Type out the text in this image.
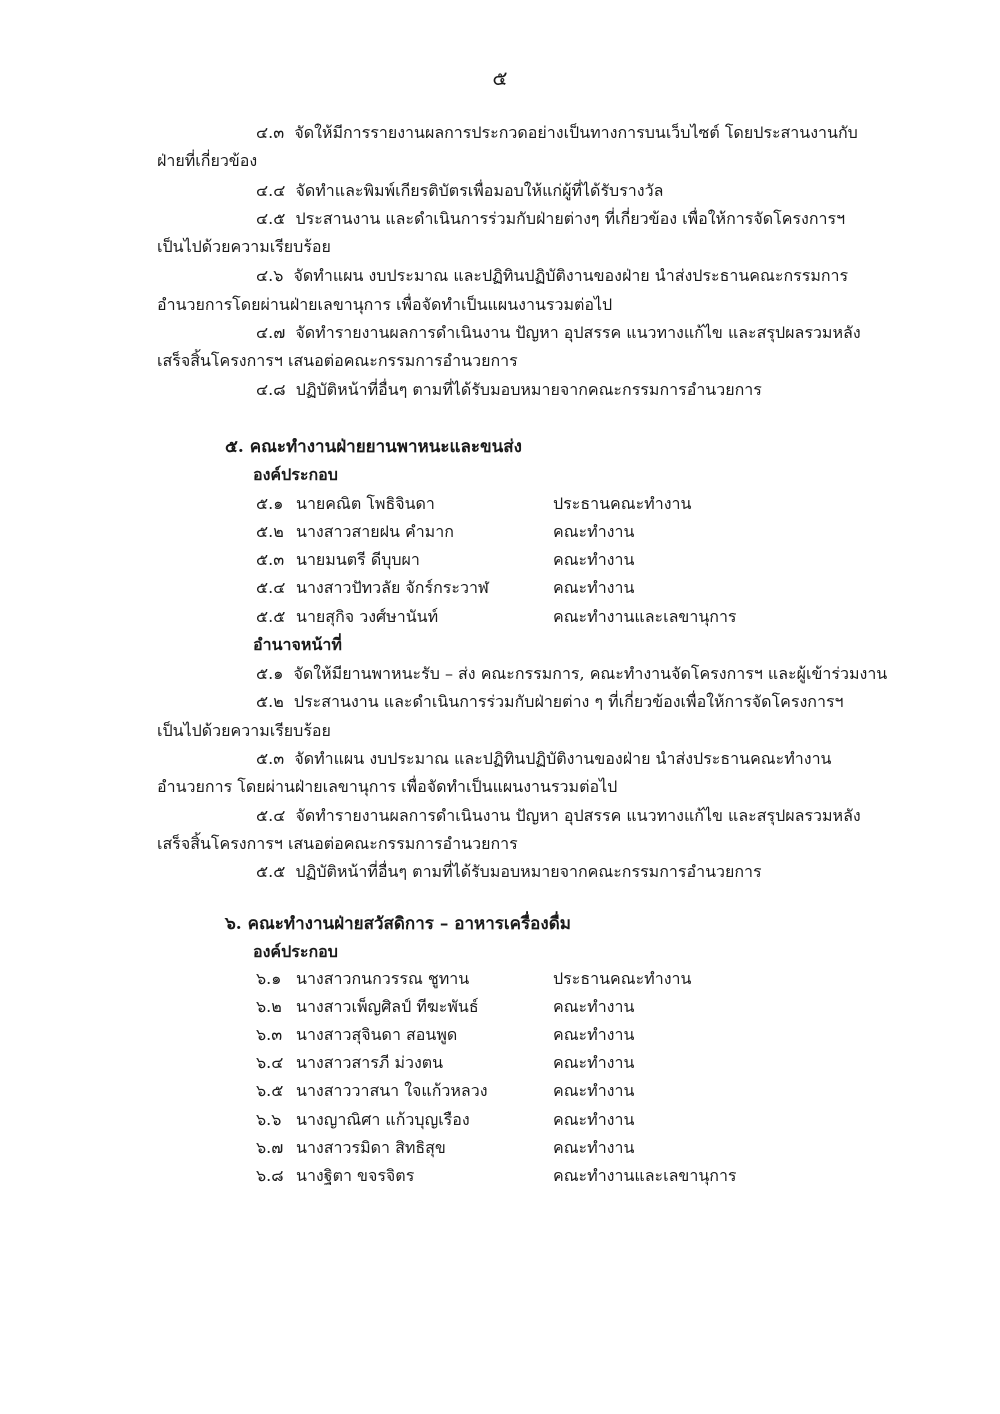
๕
๔.๓ จัดให้มีการรายงานผลการประกวดอย่างเป็นทางการบนเว็บไซต์ โดยประสานงานกับ
ฝ่ายที่เกี่ยวข้อง
๔.๔ จัดทำและพิมพ์เกียรติบัตรเพื่อมอบให้แก่ผู้ที่ได้รับรางวัล
๔.๕ ประสานงาน และดำเนินการร่วมกับฝ่ายต่างๆ ที่เกี่ยวข้อง เพื่อให้การจัดโครงการฯ
เป็นไปด้วยความเรียบร้อย
๔.๖ จัดทำแผน งบประมาณ และปฏิทินปฏิบัติงานของฝ่าย นำส่งประธานคณะกรรมการ
อำนวยการโดยผ่านฝ่ายเลขานุการ เพื่อจัดทำเป็นแผนงานรวมต่อไป
๔.๗ จัดทำรายงานผลการดำเนินงาน ปัญหา อุปสรรค แนวทางแก้ไข และสรุปผลรวมหลัง
เสร็จสิ้นโครงการฯ เสนอต่อคณะกรรมการอำนวยการ
๔.๘ ปฏิบัติหน้าที่อื่นๆ ตามที่ได้รับมอบหมายจากคณะกรรมการอำนวยการ
๕. คณะทำงานฝ่ายยานพาหนะและขนส่ง
องค์ประกอบ
๕.๑ นายคณิต โพธิจินดา	ประธานคณะทำงาน
๕.๒ นางสาวสายฝน คำมาก	คณะทำงาน
๕.๓ นายมนตรี ดีบุบผา	คณะทำงาน
๕.๔ นางสาวปัทวลัย จักร์กระวาฬ	คณะทำงาน
๕.๕ นายสุกิจ วงศ์ษานันท์	คณะทำงานและเลขานุการ
อำนาจหน้าที่
๕.๑ จัดให้มียานพาหนะรับ – ส่ง คณะกรรมการ, คณะทำงานจัดโครงการฯ และผู้เข้าร่วมงาน
๕.๒ ประสานงาน และดำเนินการร่วมกับฝ่ายต่าง ๆ ที่เกี่ยวข้องเพื่อให้การจัดโครงการฯ
เป็นไปด้วยความเรียบร้อย
๕.๓ จัดทำแผน งบประมาณ และปฏิทินปฏิบัติงานของฝ่าย นำส่งประธานคณะทำงาน
อำนวยการ โดยผ่านฝ่ายเลขานุการ เพื่อจัดทำเป็นแผนงานรวมต่อไป
๕.๔ จัดทำรายงานผลการดำเนินงาน ปัญหา อุปสรรค แนวทางแก้ไข และสรุปผลรวมหลัง
เสร็จสิ้นโครงการฯ เสนอต่อคณะกรรมการอำนวยการ
๕.๕ ปฏิบัติหน้าที่อื่นๆ ตามที่ได้รับมอบหมายจากคณะกรรมการอำนวยการ
๖. คณะทำงานฝ่ายสวัสดิการ – อาหารเครื่องดื่ม
องค์ประกอบ
๖.๑ นางสาวกนกวรรณ ชูทาน	ประธานคณะทำงาน
๖.๒ นางสาวเพ็ญศิลป์ ทีฆะพันธ์	คณะทำงาน
๖.๓ นางสาวสุจินดา สอนพูด	คณะทำงาน
๖.๔ นางสาวสารภี ม่วงตน	คณะทำงาน
๖.๕ นางสาววาสนา ใจแก้วหลวง	คณะทำงาน
๖.๖ นางญาณิศา แก้วบุญเรือง	คณะทำงาน
๖.๗ นางสาวรมิดา สิทธิสุข	คณะทำงาน
๖.๘ นางฐิตา ขจรจิตร	คณะทำงานและเลขานุการ
